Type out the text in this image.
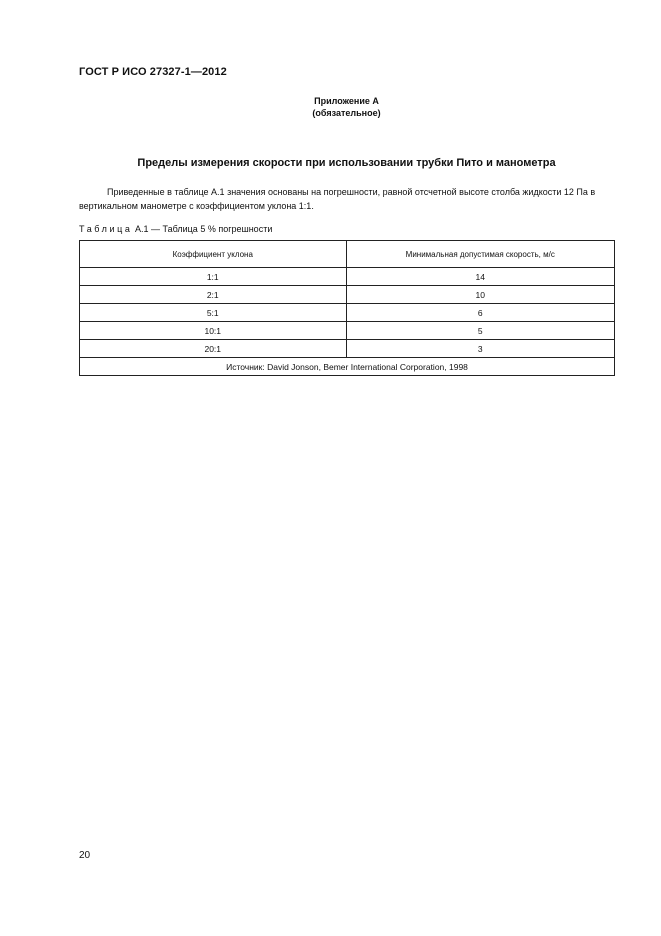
ГОСТ Р ИСО 27327-1—2012
Приложение А
(обязательное)
Пределы измерения скорости при использовании трубки Пито и манометра
Приведенные в таблице А.1 значения основаны на погрешности, равной отсчетной высоте столба жидкости 12 Па в вертикальном манометре с коэффициентом уклона 1:1.
Таблица А.1 — Таблица 5 % погрешности
Коэффициент уклона	Минимальная допустимая скорость, м/с
1:1	14
2:1	10
5:1	6
10:1	5
20:1	3
Источник: David Jonson, Bemer International Corporation, 1998	
20
